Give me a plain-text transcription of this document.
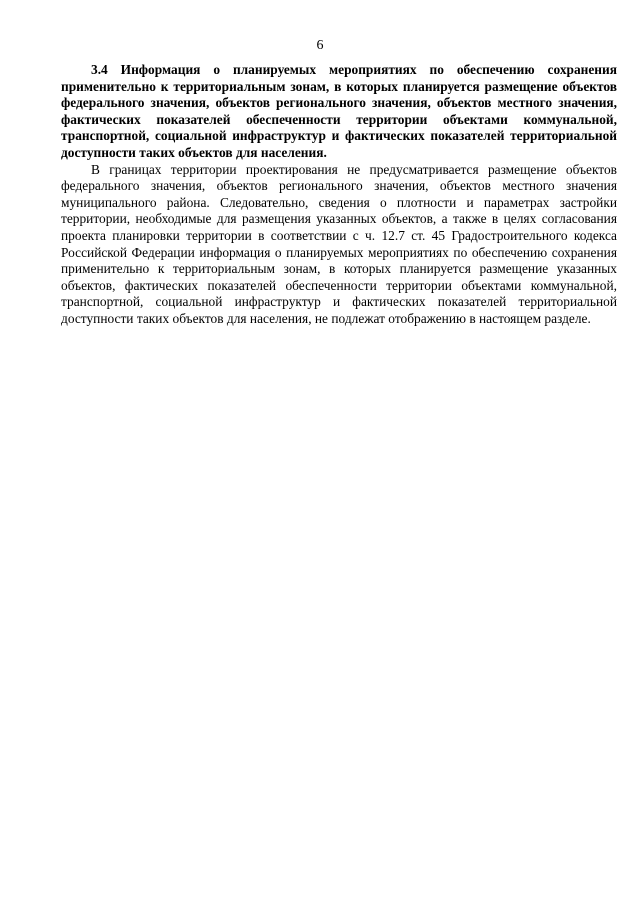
6

3.4 Информация о планируемых мероприятиях по обеспечению сохранения применительно к территориальным зонам, в которых планируется размещение объектов федерального значения, объектов регионального значения, объектов местного значения, фактических показателей обеспеченности территории объектами коммунальной, транспортной, социальной инфраструктур и фактических показателей территориальной доступности таких объектов для населения.

В границах территории проектирования не предусматривается размещение объектов федерального значения, объектов регионального значения, объектов местного значения муниципального района. Следовательно, сведения о плотности и параметрах застройки территории, необходимые для размещения указанных объектов, а также в целях согласования проекта планировки территории в соответствии с ч. 12.7 ст. 45 Градостроительного кодекса Российской Федерации информация о планируемых мероприятиях по обеспечению сохранения применительно к территориальным зонам, в которых планируется размещение указанных объектов, фактических показателей обеспеченности территории объектами коммунальной, транспортной, социальной инфраструктур и фактических показателей территориальной доступности таких объектов для населения, не подлежат отображению в настоящем разделе.
